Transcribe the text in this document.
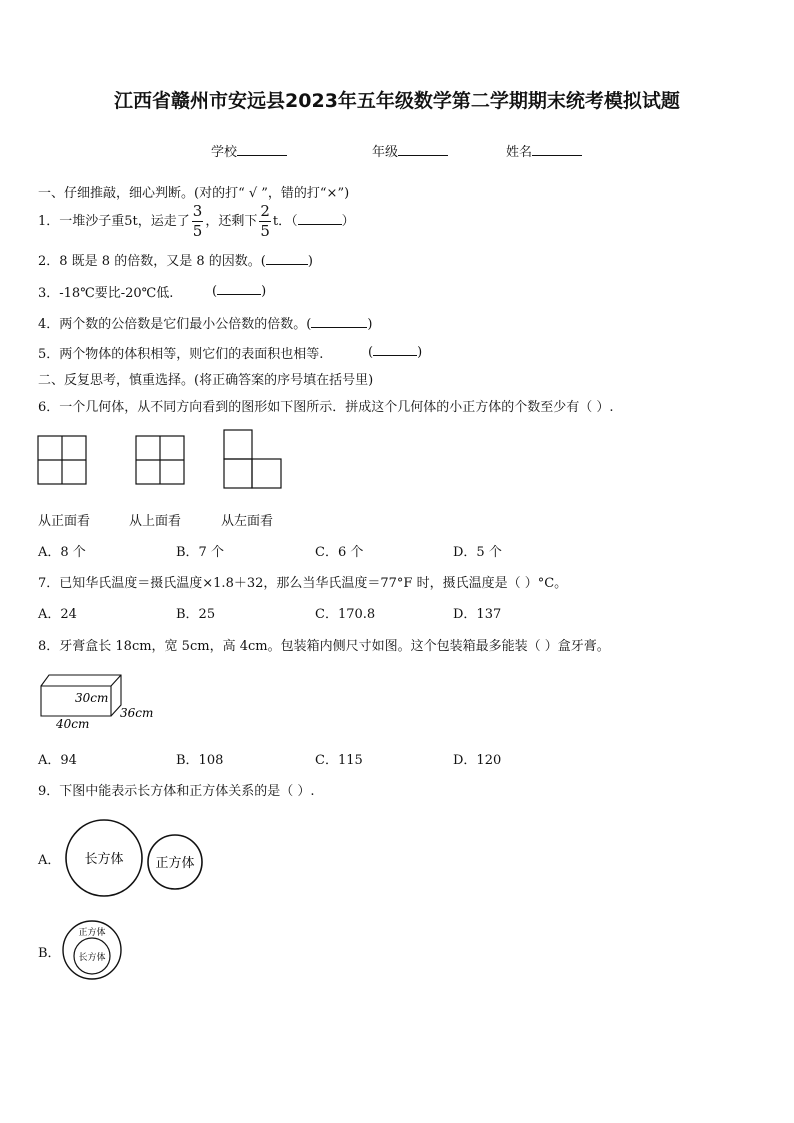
江西省赣州市安远县2023年五年级数学第二学期期末统考模拟试题
学校	年级	姓名
一、仔细推敲，细心判断。(对的打“ √ ”，错的打“×”)
1．一堆沙子重5t，运走了 $\frac{3}{5}$ ，还剩下 $\frac{2}{5}$ t．（	）
2．8 既是 8 的倍数，又是 8 的因数。(	)
3．-18℃要比-20℃低.	(	)
4．两个数的公倍数是它们最小公倍数的倍数。(	)
5．两个物体的体积相等，则它们的表面积也相等.	(	)
二、反复思考，慎重选择。(将正确答案的序号填在括号里)
6．一个几何体，从不同方向看到的图形如下图所示．拼成这个几何体的小正方体的个数至少有（ ）.
从正面看	从上面看	从左面看
A．8 个	B．7 个	C．6 个	D．5 个
7．已知华氏温度＝摄氏温度×1.8＋32，那么当华氏温度＝77°F 时，摄氏温度是（ ）°C。
A．24	B．25	C．170.8	D．137
8．牙膏盒长 18cm，宽 5cm，高 4cm。包装箱内侧尺寸如图。这个包装箱最多能装（ ）盒牙膏。
30cm
40cm
36cm
A．94	B．108	C．115	D．120
9．下图中能表示长方体和正方体关系的是（ ）.
A． 长方体 正方体
B．
正方体
长方体
